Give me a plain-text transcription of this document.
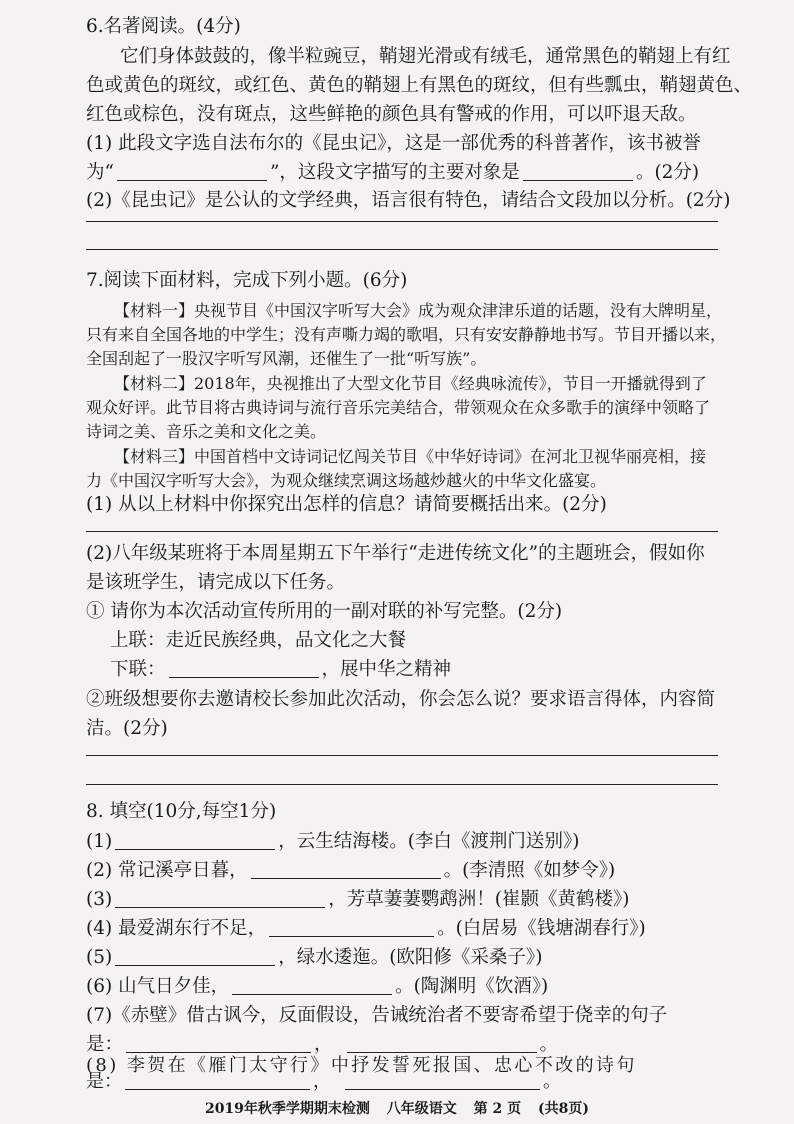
6.名著阅读。(4分)
它们身体鼓鼓的，像半粒豌豆，鞘翅光滑或有绒毛，通常黑色的鞘翅上有红
色或黄色的斑纹，或红色、黄色的鞘翅上有黑色的斑纹，但有些瓢虫，鞘翅黄色、
红色或棕色，没有斑点，这些鲜艳的颜色具有警戒的作用，可以吓退天敌。
(1) 此段文字选自法布尔的《昆虫记》，这是一部优秀的科普著作，该书被誉
为“	”，这段文字描写的主要对象是	。(2分)
(2)《昆虫记》是公认的文学经典，语言很有特色，请结合文段加以分析。(2分)
7.阅读下面材料，完成下列小题。(6分)
【材料一】央视节目《中国汉字听写大会》成为观众津津乐道的话题，没有大牌明星，
只有来自全国各地的中学生；没有声嘶力竭的歌唱，只有安安静静地书写。节目开播以来，
全国刮起了一股汉字听写风潮，还催生了一批“听写族”。
【材料二】2018年，央视推出了大型文化节目《经典咏流传》，节目一开播就得到了
观众好评。此节目将古典诗词与流行音乐完美结合，带领观众在众多歌手的演绎中领略了
诗词之美、音乐之美和文化之美。
【材料三】中国首档中文诗词记忆闯关节目《中华好诗词》在河北卫视华丽亮相，接
力《中国汉字听写大会》，为观众继续烹调这场越炒越火的中华文化盛宴。
(1) 从以上材料中你探究出怎样的信息？请简要概括出来。(2分)
(2)八年级某班将于本周星期五下午举行“走进传统文化”的主题班会，假如你
是该班学生，请完成以下任务。
① 请你为本次活动宣传所用的一副对联的补写完整。(2分)
上联：走近民族经典，品文化之大餐
下联：	，展中华之精神
②班级想要你去邀请校长参加此次活动，你会怎么说？要求语言得体，内容简
洁。(2分)
8. 填空(10分,每空1分)
(1)	，云生结海楼。(李白《渡荆门送别》)
(2) 常记溪亭日暮，	。(李清照《如梦令》)
(3)	，芳草萋萋鹦鹉洲！(崔颢《黄鹤楼》)
(4) 最爱湖东行不足，	。(白居易《钱塘湖春行》)
(5)	，绿水逶迤。(欧阳修《采桑子》)
(6) 山气日夕佳，	。(陶渊明《饮酒》)
(7)《赤壁》借古讽今，反面假设，告诫统治者不要寄希望于侥幸的句子
是：	，	。
(8) 李贺在《雁门太守行》中抒发誓死报国、忠心不改的诗句
2019年秋季学期期末检测 八年级语文 第 2 页 (共8页)
是：	，	。
